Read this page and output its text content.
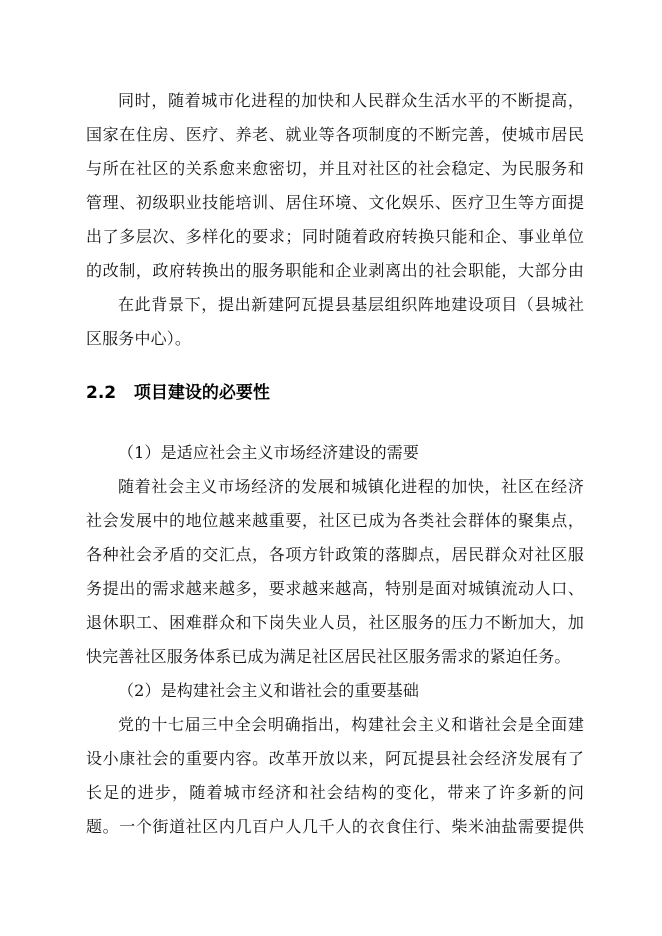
同时，随着城市化进程的加快和人民群众生活水平的不断提高，国家在住房、医疗、养老、就业等各项制度的不断完善，使城市居民与所在社区的关系愈来愈密切，并且对社区的社会稳定、为民服务和管理、初级职业技能培训、居住环境、文化娱乐、医疗卫生等方面提出了多层次、多样化的要求；同时随着政府转换只能和企、事业单位的改制，政府转换出的服务职能和企业剥离出的社会职能，大部分由

在此背景下，提出新建阿瓦提县基层组织阵地建设项目（县城社区服务中心）。

2.2 项目建设的必要性

（1）是适应社会主义市场经济建设的需要

随着社会主义市场经济的发展和城镇化进程的加快，社区在经济社会发展中的地位越来越重要，社区已成为各类社会群体的聚集点，各种社会矛盾的交汇点，各项方针政策的落脚点，居民群众对社区服务提出的需求越来越多，要求越来越高，特别是面对城镇流动人口、退休职工、困难群众和下岗失业人员，社区服务的压力不断加大，加快完善社区服务体系已成为满足社区居民社区服务需求的紧迫任务。

（2）是构建社会主义和谐社会的重要基础

党的十七届三中全会明确指出，构建社会主义和谐社会是全面建设小康社会的重要内容。改革开放以来，阿瓦提县社会经济发展有了长足的进步，随着城市经济和社会结构的变化，带来了许多新的问题。一个街道社区内几百户人几千人的衣食住行、柴米油盐需要提供
